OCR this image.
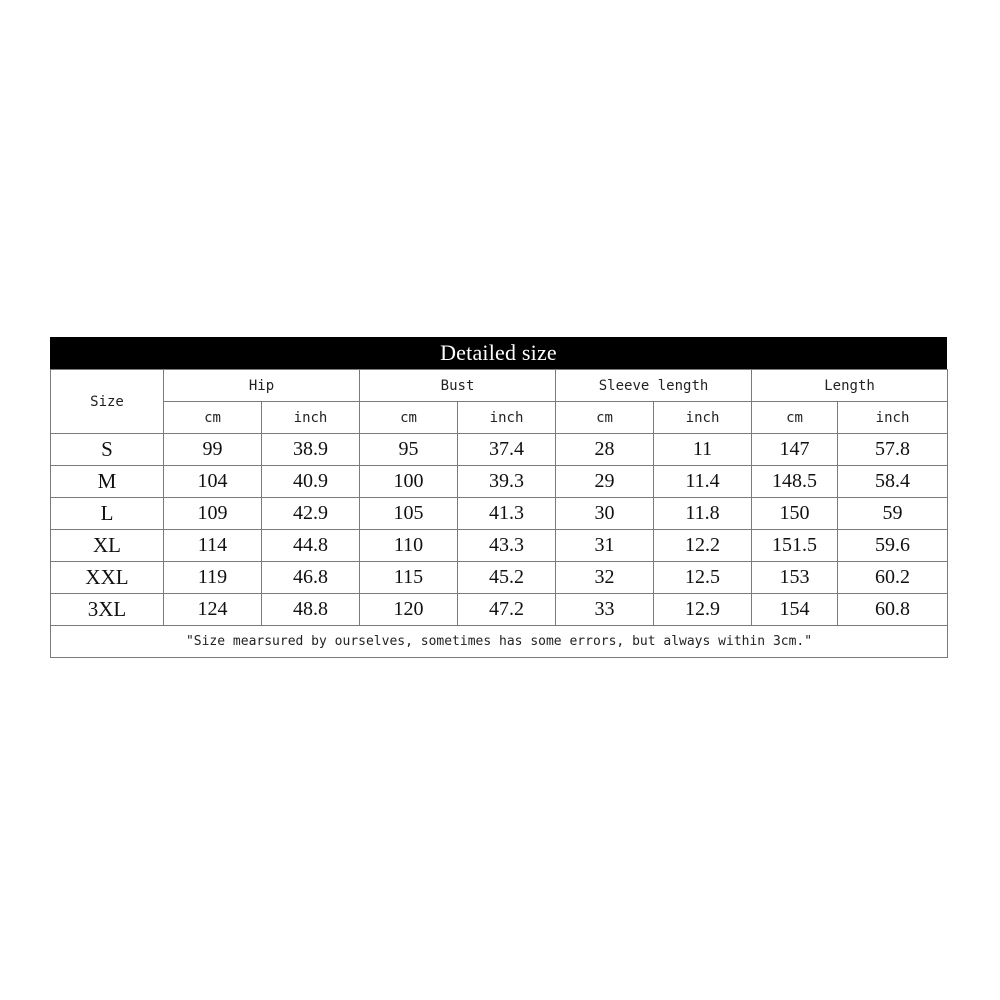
Detailed size
Size	Hip		Bust		Sleeve length		Length	
	cm	inch	cm	inch	cm	inch	cm	inch
S	99	38.9	95	37.4	28	11	147	57.8
M	104	40.9	100	39.3	29	11.4	148.5	58.4
L	109	42.9	105	41.3	30	11.8	150	59
XL	114	44.8	110	43.3	31	12.2	151.5	59.6
XXL	119	46.8	115	45.2	32	12.5	153	60.2
3XL	124	48.8	120	47.2	33	12.9	154	60.8
"Size mearsured by ourselves, sometimes has some errors, but always within 3cm."								
